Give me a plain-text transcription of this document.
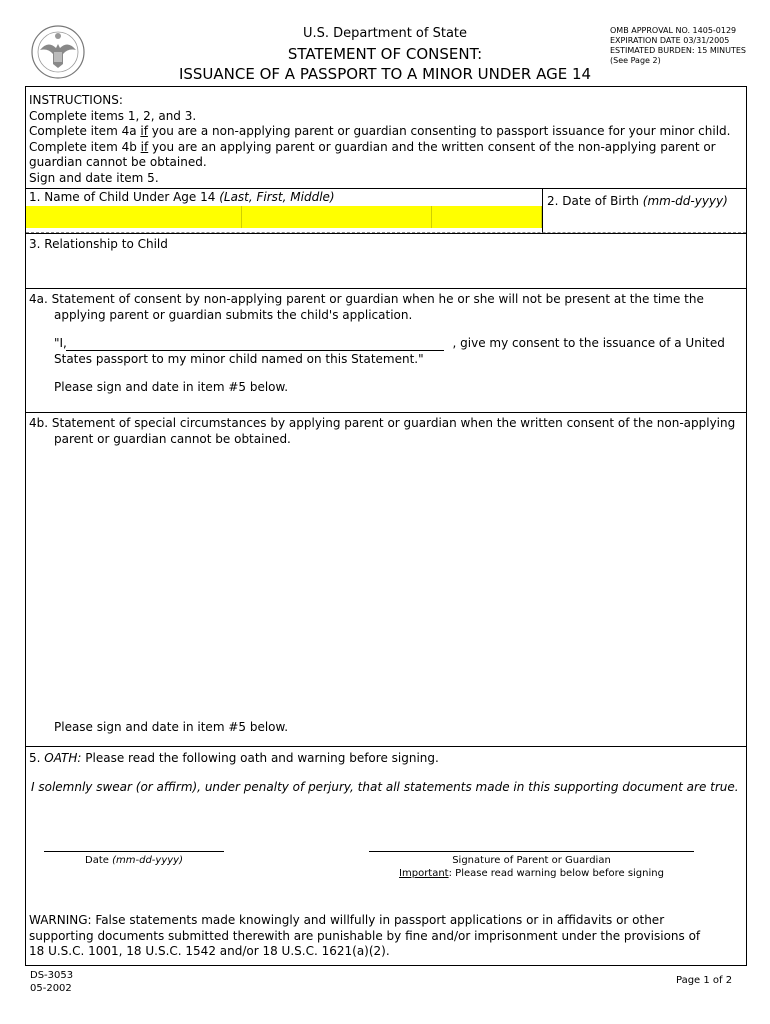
U.S. Department of State
STATEMENT OF CONSENT:
ISSUANCE OF A PASSPORT TO A MINOR UNDER AGE 14
OMB APPROVAL NO. 1405-0129
EXPIRATION DATE 03/31/2005
ESTIMATED BURDEN: 15 MINUTES
(See Page 2)
INSTRUCTIONS:
Complete items 1, 2, and 3.
Complete item 4a if you are a non-applying parent or guardian consenting to passport issuance for your minor child.
Complete item 4b if you are an applying parent or guardian and the written consent of the non-applying parent or
guardian cannot be obtained.
Sign and date item 5.
1. Name of Child Under Age 14 (Last, First, Middle)	2. Date of Birth (mm-dd-yyyy)
3. Relationship to Child
4a. Statement of consent by non-applying parent or guardian when he or she will not be present at the time the
applying parent or guardian submits the child's application.
"I,	, give my consent to the issuance of a United
States passport to my minor child named on this Statement."
Please sign and date in item #5 below.
4b. Statement of special circumstances by applying parent or guardian when the written consent of the non-applying
parent or guardian cannot be obtained.
Please sign and date in item #5 below.
5. OATH: Please read the following oath and warning before signing.
I solemnly swear (or affirm), under penalty of perjury, that all statements made in this supporting document are true.
Date (mm-dd-yyyy)	Signature of Parent or Guardian
Important: Please read warning below before signing
WARNING: False statements made knowingly and willfully in passport applications or in affidavits or other
supporting documents submitted therewith are punishable by fine and/or imprisonment under the provisions of
18 U.S.C. 1001, 18 U.S.C. 1542 and/or 18 U.S.C. 1621(a)(2).
DS-3053
05-2002
Page 1 of 2
